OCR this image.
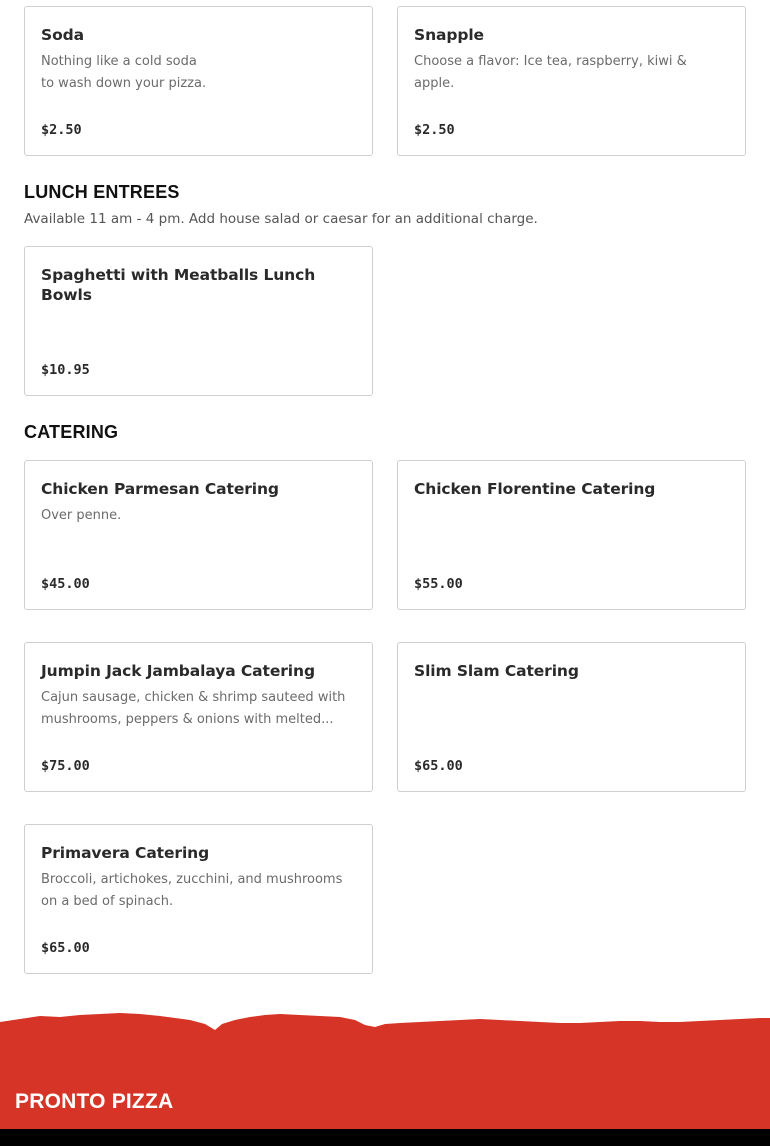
Soda
Nothing like a cold soda
to wash down your pizza.
$2.50
Snapple
Choose a flavor: Ice tea, raspberry, kiwi & apple.
$2.50
LUNCH ENTREES
Available 11 am - 4 pm. Add house salad or caesar for an additional charge.
Spaghetti with Meatballs Lunch Bowls
$10.95
CATERING
Chicken Parmesan Catering
Over penne.
$45.00
Chicken Florentine Catering
$55.00
Jumpin Jack Jambalaya Catering
Cajun sausage, chicken & shrimp sauteed with mushrooms, peppers & onions with melted...
$75.00
Slim Slam Catering
$65.00
Primavera Catering
Broccoli, artichokes, zucchini, and mushrooms on a bed of spinach.
$65.00
PRONTO PIZZA
